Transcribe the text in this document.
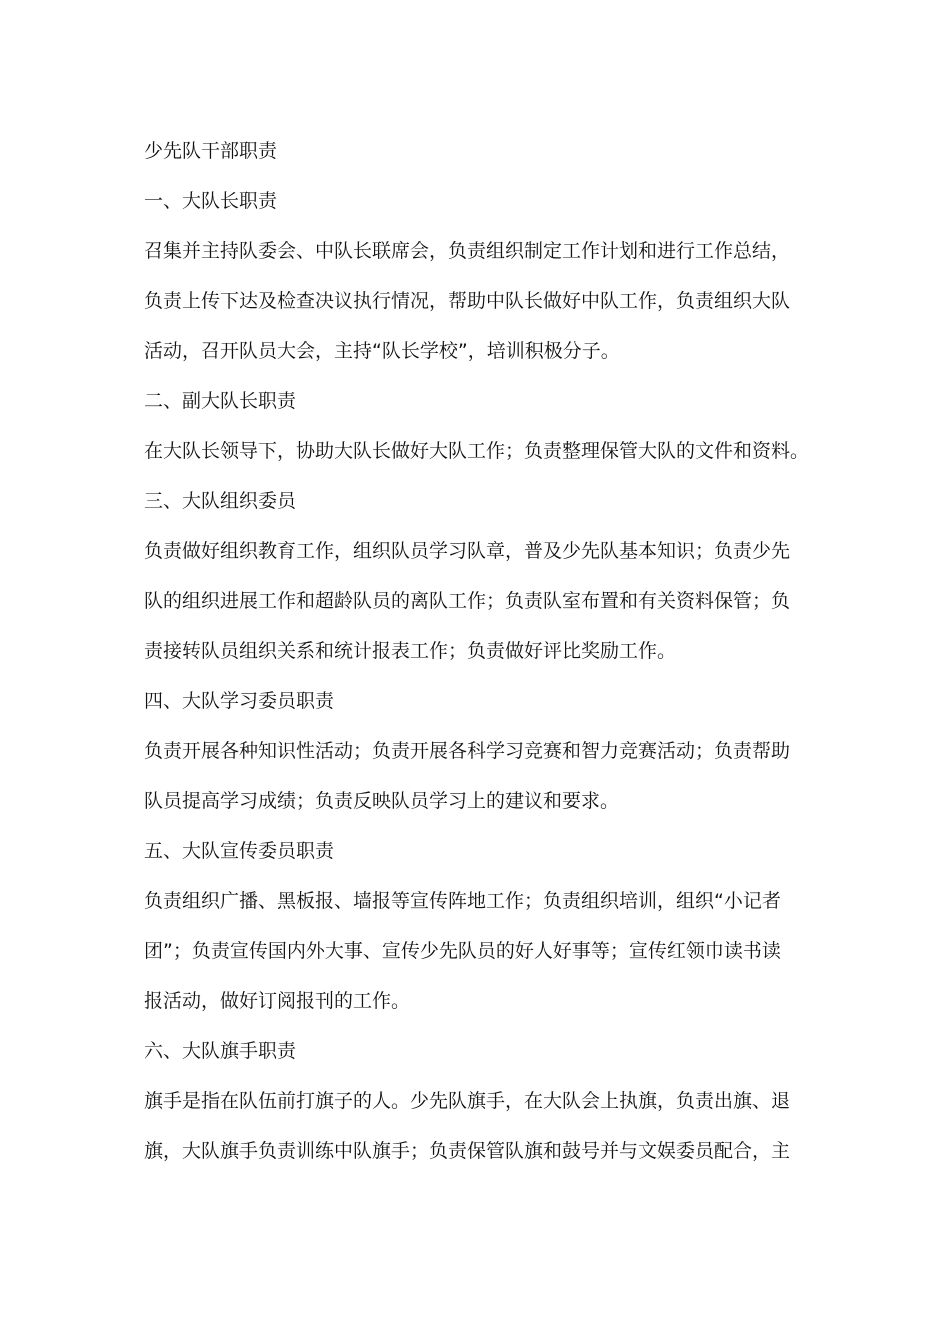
少先队干部职责
一、大队长职责
召集并主持队委会、中队长联席会，负责组织制定工作计划和进行工作总结，
负责上传下达及检查决议执行情况，帮助中队长做好中队工作，负责组织大队
活动，召开队员大会，主持“队长学校”，培训积极分子。
二、副大队长职责
在大队长领导下，协助大队长做好大队工作；负责整理保管大队的文件和资料。
三、大队组织委员
负责做好组织教育工作，组织队员学习队章，普及少先队基本知识；负责少先
队的组织进展工作和超龄队员的离队工作；负责队室布置和有关资料保管；负
责接转队员组织关系和统计报表工作；负责做好评比奖励工作。
四、大队学习委员职责
负责开展各种知识性活动；负责开展各科学习竞赛和智力竞赛活动；负责帮助
队员提高学习成绩；负责反映队员学习上的建议和要求。
五、大队宣传委员职责
负责组织广播、黑板报、墙报等宣传阵地工作；负责组织培训，组织“小记者
团”；负责宣传国内外大事、宣传少先队员的好人好事等；宣传红领巾读书读
报活动，做好订阅报刊的工作。
六、大队旗手职责
旗手是指在队伍前打旗子的人。少先队旗手，在大队会上执旗，负责出旗、退
旗，大队旗手负责训练中队旗手；负责保管队旗和鼓号并与文娱委员配合，主
